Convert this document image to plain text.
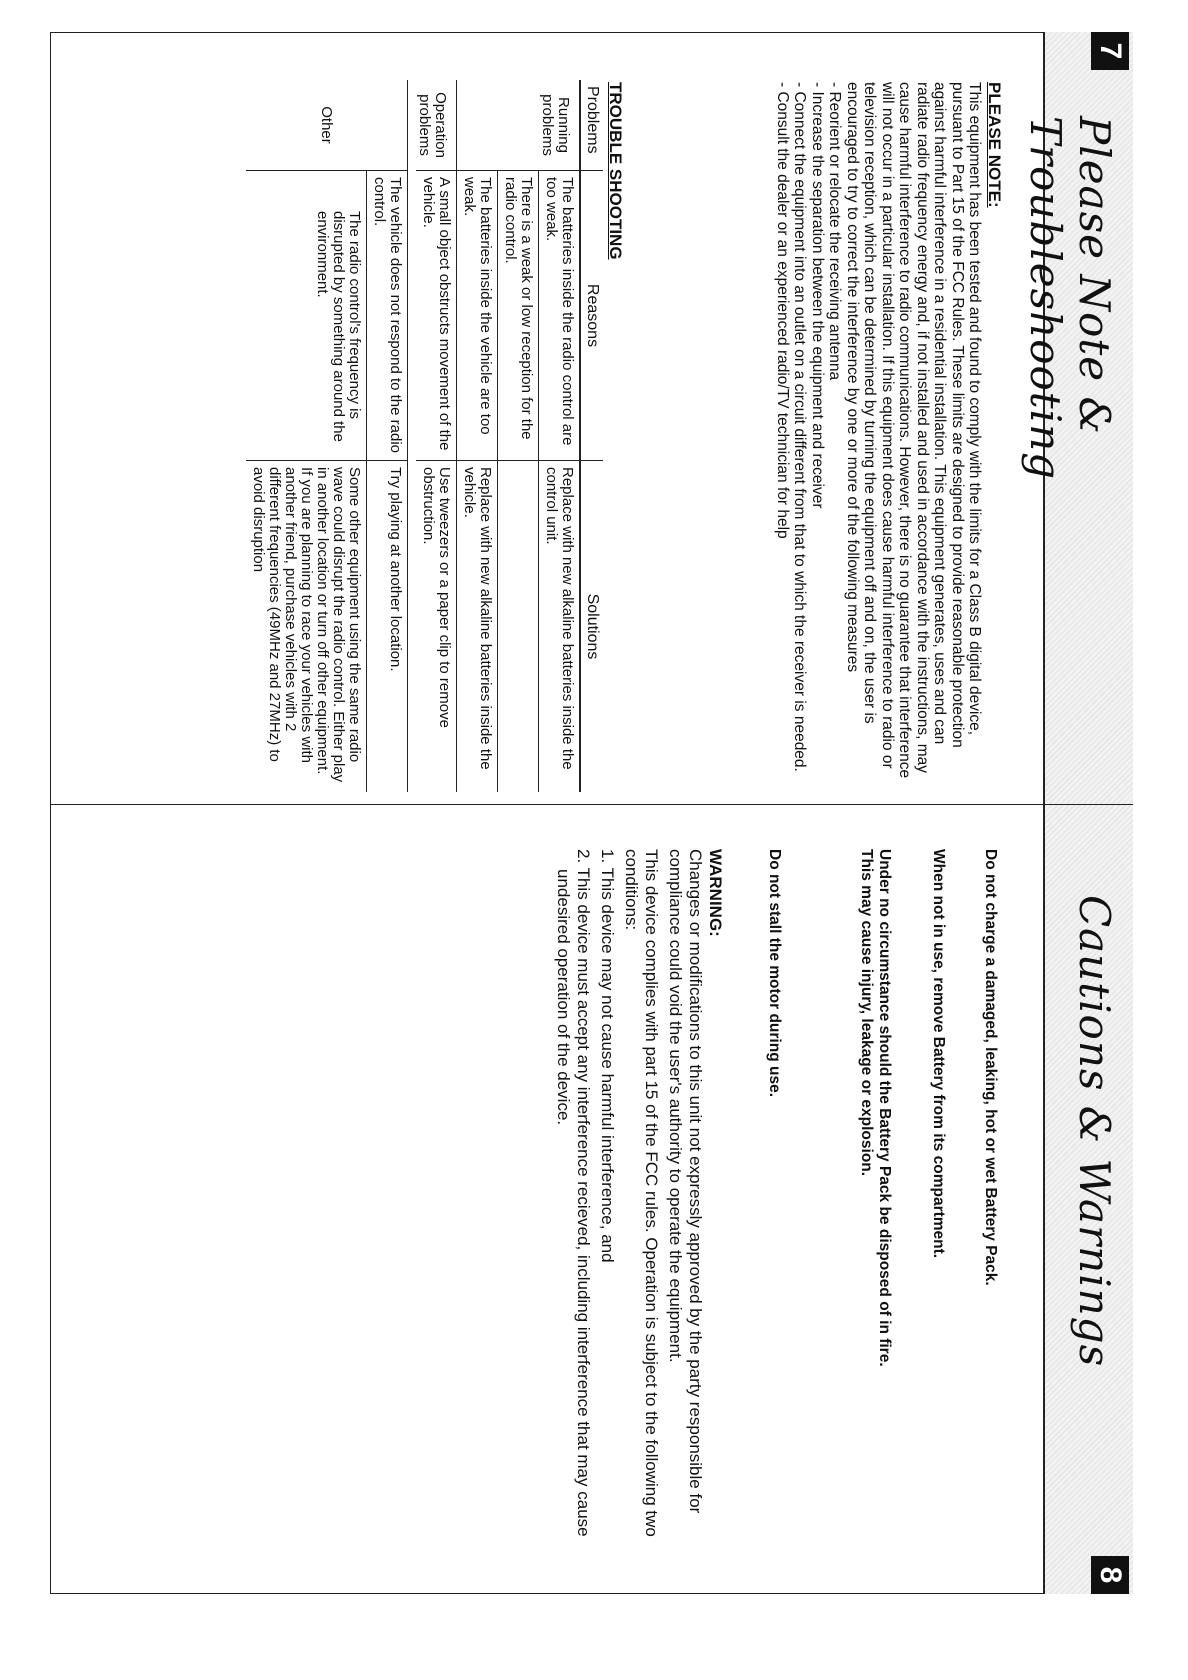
7
Please Note & Troubleshooting
PLEASE NOTE:

This equipment has been tested and found to comply with the limits for a Class B digital device, pursuant to Part 15 of the FCC Rules. These limits are designed to provide reasonable protection against harmful interference in a residential installation. This equipment generates, uses and can radiate radio frequency energy and, if not installed and used in accordance with the instructions, may cause harmful interference to radio communications. However, there is no guarantee that interference will not occur in a particular installation. If this equipment does cause harmful interference to radio or television reception, which can be determined by turning the equipment off and on, the user is encouraged to try to correct the interference by one or more of the following measures

- Reorient or relocate the receiving antenna
- Increase the separation between the equipment and receiver
- Connect the equipment into an outlet on a circuit different from that to which the receiver is needed.
- Consult the dealer or an experienced radio/TV technician for help
TROUBLE SHOOTING
Problems
Reasons
Solutions
Running problems
The batteries inside the radio control are too weak.
Replace with new alkaline batteries inside the control unit.
There is a weak or low reception for the radio control.
The batteries inside the vehicle are too weak.
Replace with new alkaline batteries inside the vehicle.
Operation problems
A small object obstructs movement of the vehicle.
Use tweezers or a paper clip to remove obstruction.
Other
The vehicle does not respond to the radio control.
Try playing at another location.
The radio control's frequency is disrupted by something around the environment.
Some other equipment using the same radio wave could disrupt the radio control. Either play in another location or turn off other equipment. If you are planning to race your vehicles with another friend, purchase vehicles with 2 different frequencies (49MHz and 27MHz) to avoid disruption
Cautions & Warnings
8
Do not charge a damaged, leaking, hot or wet Battery Pack.
When not in use, remove Battery from its compartment.
Under no circumstance should the Battery Pack be disposed of in fire.
This may cause injury, leakage or explosion.
Do not stall the motor during use.
WARNING:

Changes or modifications to this unit not expressly approved by the party responsible for compliance could void the user's authority to operate the equipment.

This device complies with part 15 of the FCC rules. Operation is subject to the following two conditions:

1. This device may not cause harmful interference, and

2. This device must accept any interference recieved, including interference that may cause undesired operation of the device.
